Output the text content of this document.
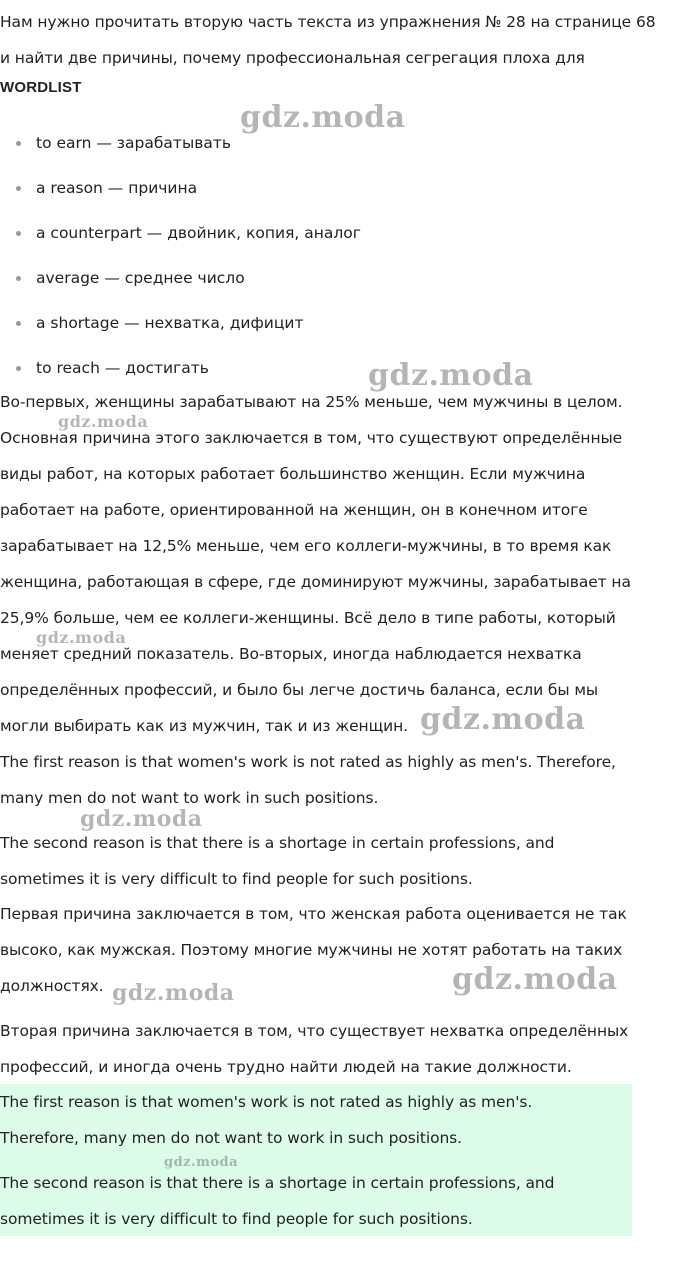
Нам нужно прочитать вторую часть текста из упражнения № 28 на странице 68

и найти две причины, почему профессиональная сегрегация плоха для

WORDLIST

to earn — зарабатывать
a reason — причина
a counterpart — двойник, копия, аналог
average — среднее число
a shortage — нехватка, дифицит
to reach — достигать

Во-первых, женщины зарабатывают на 25% меньше, чем мужчины в целом.

Основная причина этого заключается в том, что существуют определённые

виды работ, на которых работает большинство женщин. Если мужчина

работает на работе, ориентированной на женщин, он в конечном итоге

зарабатывает на 12,5% меньше, чем его коллеги-мужчины, в то время как

женщина, работающая в сфере, где доминируют мужчины, зарабатывает на

25,9% больше, чем ее коллеги-женщины. Всё дело в типе работы, который

меняет средний показатель. Во-вторых, иногда наблюдается нехватка

определённых профессий, и было бы легче достичь баланса, если бы мы

могли выбирать как из мужчин, так и из женщин.

The first reason is that women's work is not rated as highly as men's. Therefore,

many men do not want to work in such positions.

The second reason is that there is a shortage in certain professions, and

sometimes it is very difficult to find people for such positions.

Первая причина заключается в том, что женская работа оценивается не так

высоко, как мужская. Поэтому многие мужчины не хотят работать на таких

должностях.

Вторая причина заключается в том, что существует нехватка определённых

профессий, и иногда очень трудно найти людей на такие должности.

The first reason is that women's work is not rated as highly as men's.

Therefore, many men do not want to work in such positions.

The second reason is that there is a shortage in certain professions, and

sometimes it is very difficult to find people for such positions.

gdz.moda
gdz.moda
gdz.moda
gdz.moda
gdz.moda
gdz.moda
gdz.moda
gdz.moda
gdz.moda
